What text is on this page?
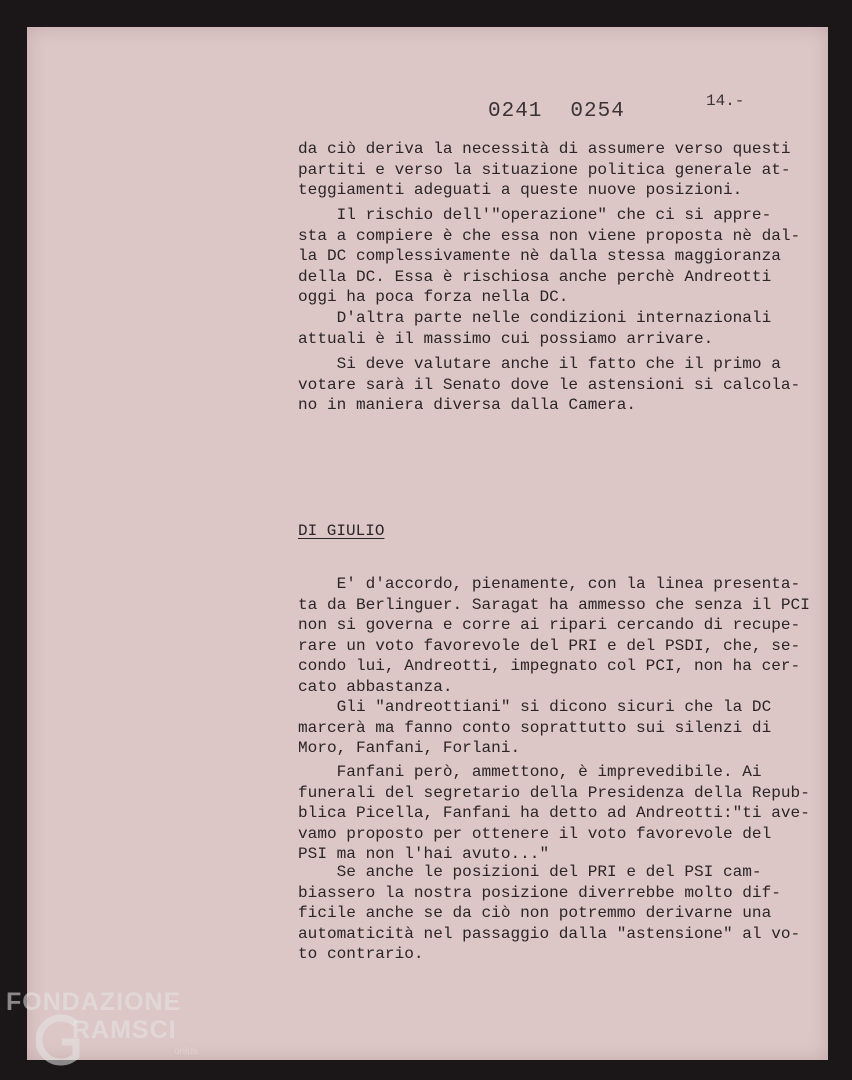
0241 0254	14.-
da ciò deriva la necessità di assumere verso questi
partiti e verso la situazione politica generale at-
teggiamenti adeguati a queste nuove posizioni.
Il rischio dell'"operazione" che ci si appre-
sta a compiere è che essa non viene proposta nè dal-
la DC complessivamente nè dalla stessa maggioranza
della DC. Essa è rischiosa anche perchè Andreotti
oggi ha poca forza nella DC.
D'altra parte nelle condizioni internazionali
attuali è il massimo cui possiamo arrivare.
Si deve valutare anche il fatto che il primo a
votare sarà il Senato dove le astensioni si calcola-
no in maniera diversa dalla Camera.
DI GIULIO
E' d'accordo, pienamente, con la linea presenta-
ta da Berlinguer. Saragat ha ammesso che senza il PCI
non si governa e corre ai ripari cercando di recupe-
rare un voto favorevole del PRI e del PSDI, che, se-
condo lui, Andreotti, impegnato col PCI, non ha cer-
cato abbastanza.
Gli "andreottiani" si dicono sicuri che la DC
marcerà ma fanno conto soprattutto sui silenzi di
Moro, Fanfani, Forlani.
Fanfani però, ammettono, è imprevedibile. Ai
funerali del segretario della Presidenza della Repub-
blica Picella, Fanfani ha detto ad Andreotti:"ti ave-
vamo proposto per ottenere il voto favorevole del
PSI ma non l'hai avuto..."
Se anche le posizioni del PRI e del PSI cam-
biassero la nostra posizione diverrebbe molto dif-
ficile anche se da ciò non potremmo derivarne una
automaticità nel passaggio dalla "astensione" al vo-
to contrario.
FONDAZIONE
RAMSCI
onlus
